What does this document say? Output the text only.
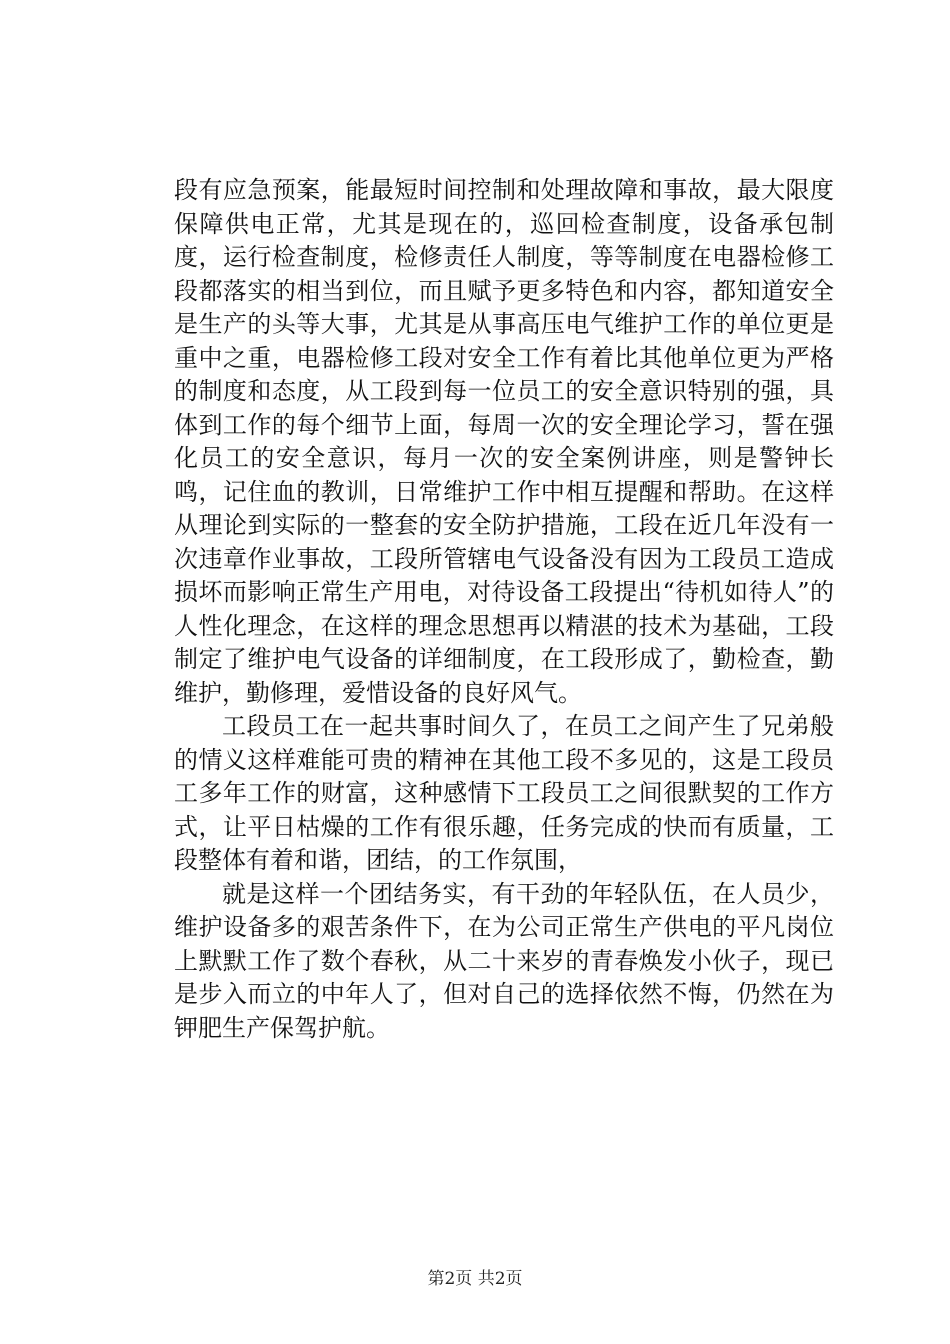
段有应急预案，能最短时间控制和处理故障和事故，最大限度保障供电正常，尤其是现在的，巡回检查制度，设备承包制度，运行检查制度，检修责任人制度，等等制度在电器检修工段都落实的相当到位，而且赋予更多特色和内容，都知道安全是生产的头等大事，尤其是从事高压电气维护工作的单位更是重中之重，电器检修工段对安全工作有着比其他单位更为严格的制度和态度，从工段到每一位员工的安全意识特别的强，具体到工作的每个细节上面，每周一次的安全理论学习，誓在强化员工的安全意识，每月一次的安全案例讲座，则是警钟长鸣，记住血的教训，日常维护工作中相互提醒和帮助。在这样从理论到实际的一整套的安全防护措施，工段在近几年没有一次违章作业事故，工段所管辖电气设备没有因为工段员工造成损坏而影响正常生产用电，对待设备工段提出“待机如待人”的人性化理念，在这样的理念思想再以精湛的技术为基础，工段制定了维护电气设备的详细制度，在工段形成了，勤检查，勤维护，勤修理，爱惜设备的良好风气。

工段员工在一起共事时间久了，在员工之间产生了兄弟般的情义这样难能可贵的精神在其他工段不多见的，这是工段员工多年工作的财富，这种感情下工段员工之间很默契的工作方式，让平日枯燥的工作有很乐趣，任务完成的快而有质量，工段整体有着和谐，团结，的工作氛围，

就是这样一个团结务实，有干劲的年轻队伍，在人员少，维护设备多的艰苦条件下，在为公司正常生产供电的平凡岗位上默默工作了数个春秋，从二十来岁的青春焕发小伙子，现已是步入而立的中年人了，但对自己的选择依然不悔，仍然在为钾肥生产保驾护航。

第2页 共2页
